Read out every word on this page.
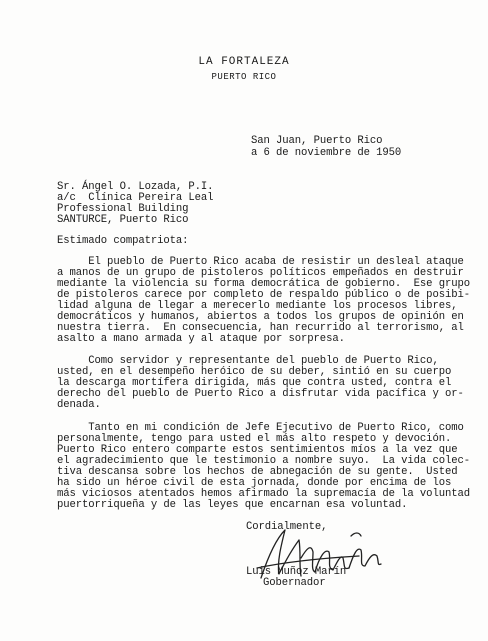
LA FORTALEZA

PUERTO RICO

San Juan, Puerto Rico

a 6 de noviembre de 1950

Sr. Ángel O. Lozada, P.I.

a/c  Clínica Pereira Leal

Professional Building

SANTURCE, Puerto Rico

Estimado compatriota:

El pueblo de Puerto Rico acaba de resistir un desleal ataque

a manos de un grupo de pistoleros políticos empeñados en destruir

mediante la violencia su forma democrática de gobierno.  Ese grupo

de pistoleros carece por completo de respaldo público o de posibi-

lidad alguna de llegar a merecerlo mediante los procesos libres,

democráticos y humanos, abiertos a todos los grupos de opinión en

nuestra tierra.  En consecuencia, han recurrido al terrorismo, al

asalto a mano armada y al ataque por sorpresa.

Como servidor y representante del pueblo de Puerto Rico,

usted, en el desempeño heróico de su deber, sintió en su cuerpo

la descarga mortífera dirigida, más que contra usted, contra el

derecho del pueblo de Puerto Rico a disfrutar vida pacífica y or-

denada.

Tanto en mi condición de Jefe Ejecutivo de Puerto Rico, como

personalmente, tengo para usted el más alto respeto y devoción.

Puerto Rico entero comparte estos sentimientos míos a la vez que

el agradecimiento que le testimonio a nombre suyo.  La vida colec-

tiva descansa sobre los hechos de abnegación de su gente.  Usted

ha sido un héroe civil de esta jornada, donde por encima de los

más viciosos atentados hemos afirmado la supremacía de la voluntad

puertorriqueña y de las leyes que encarnan esa voluntad.

Cordialmente,

Luis Muñoz Marín

Gobernador
